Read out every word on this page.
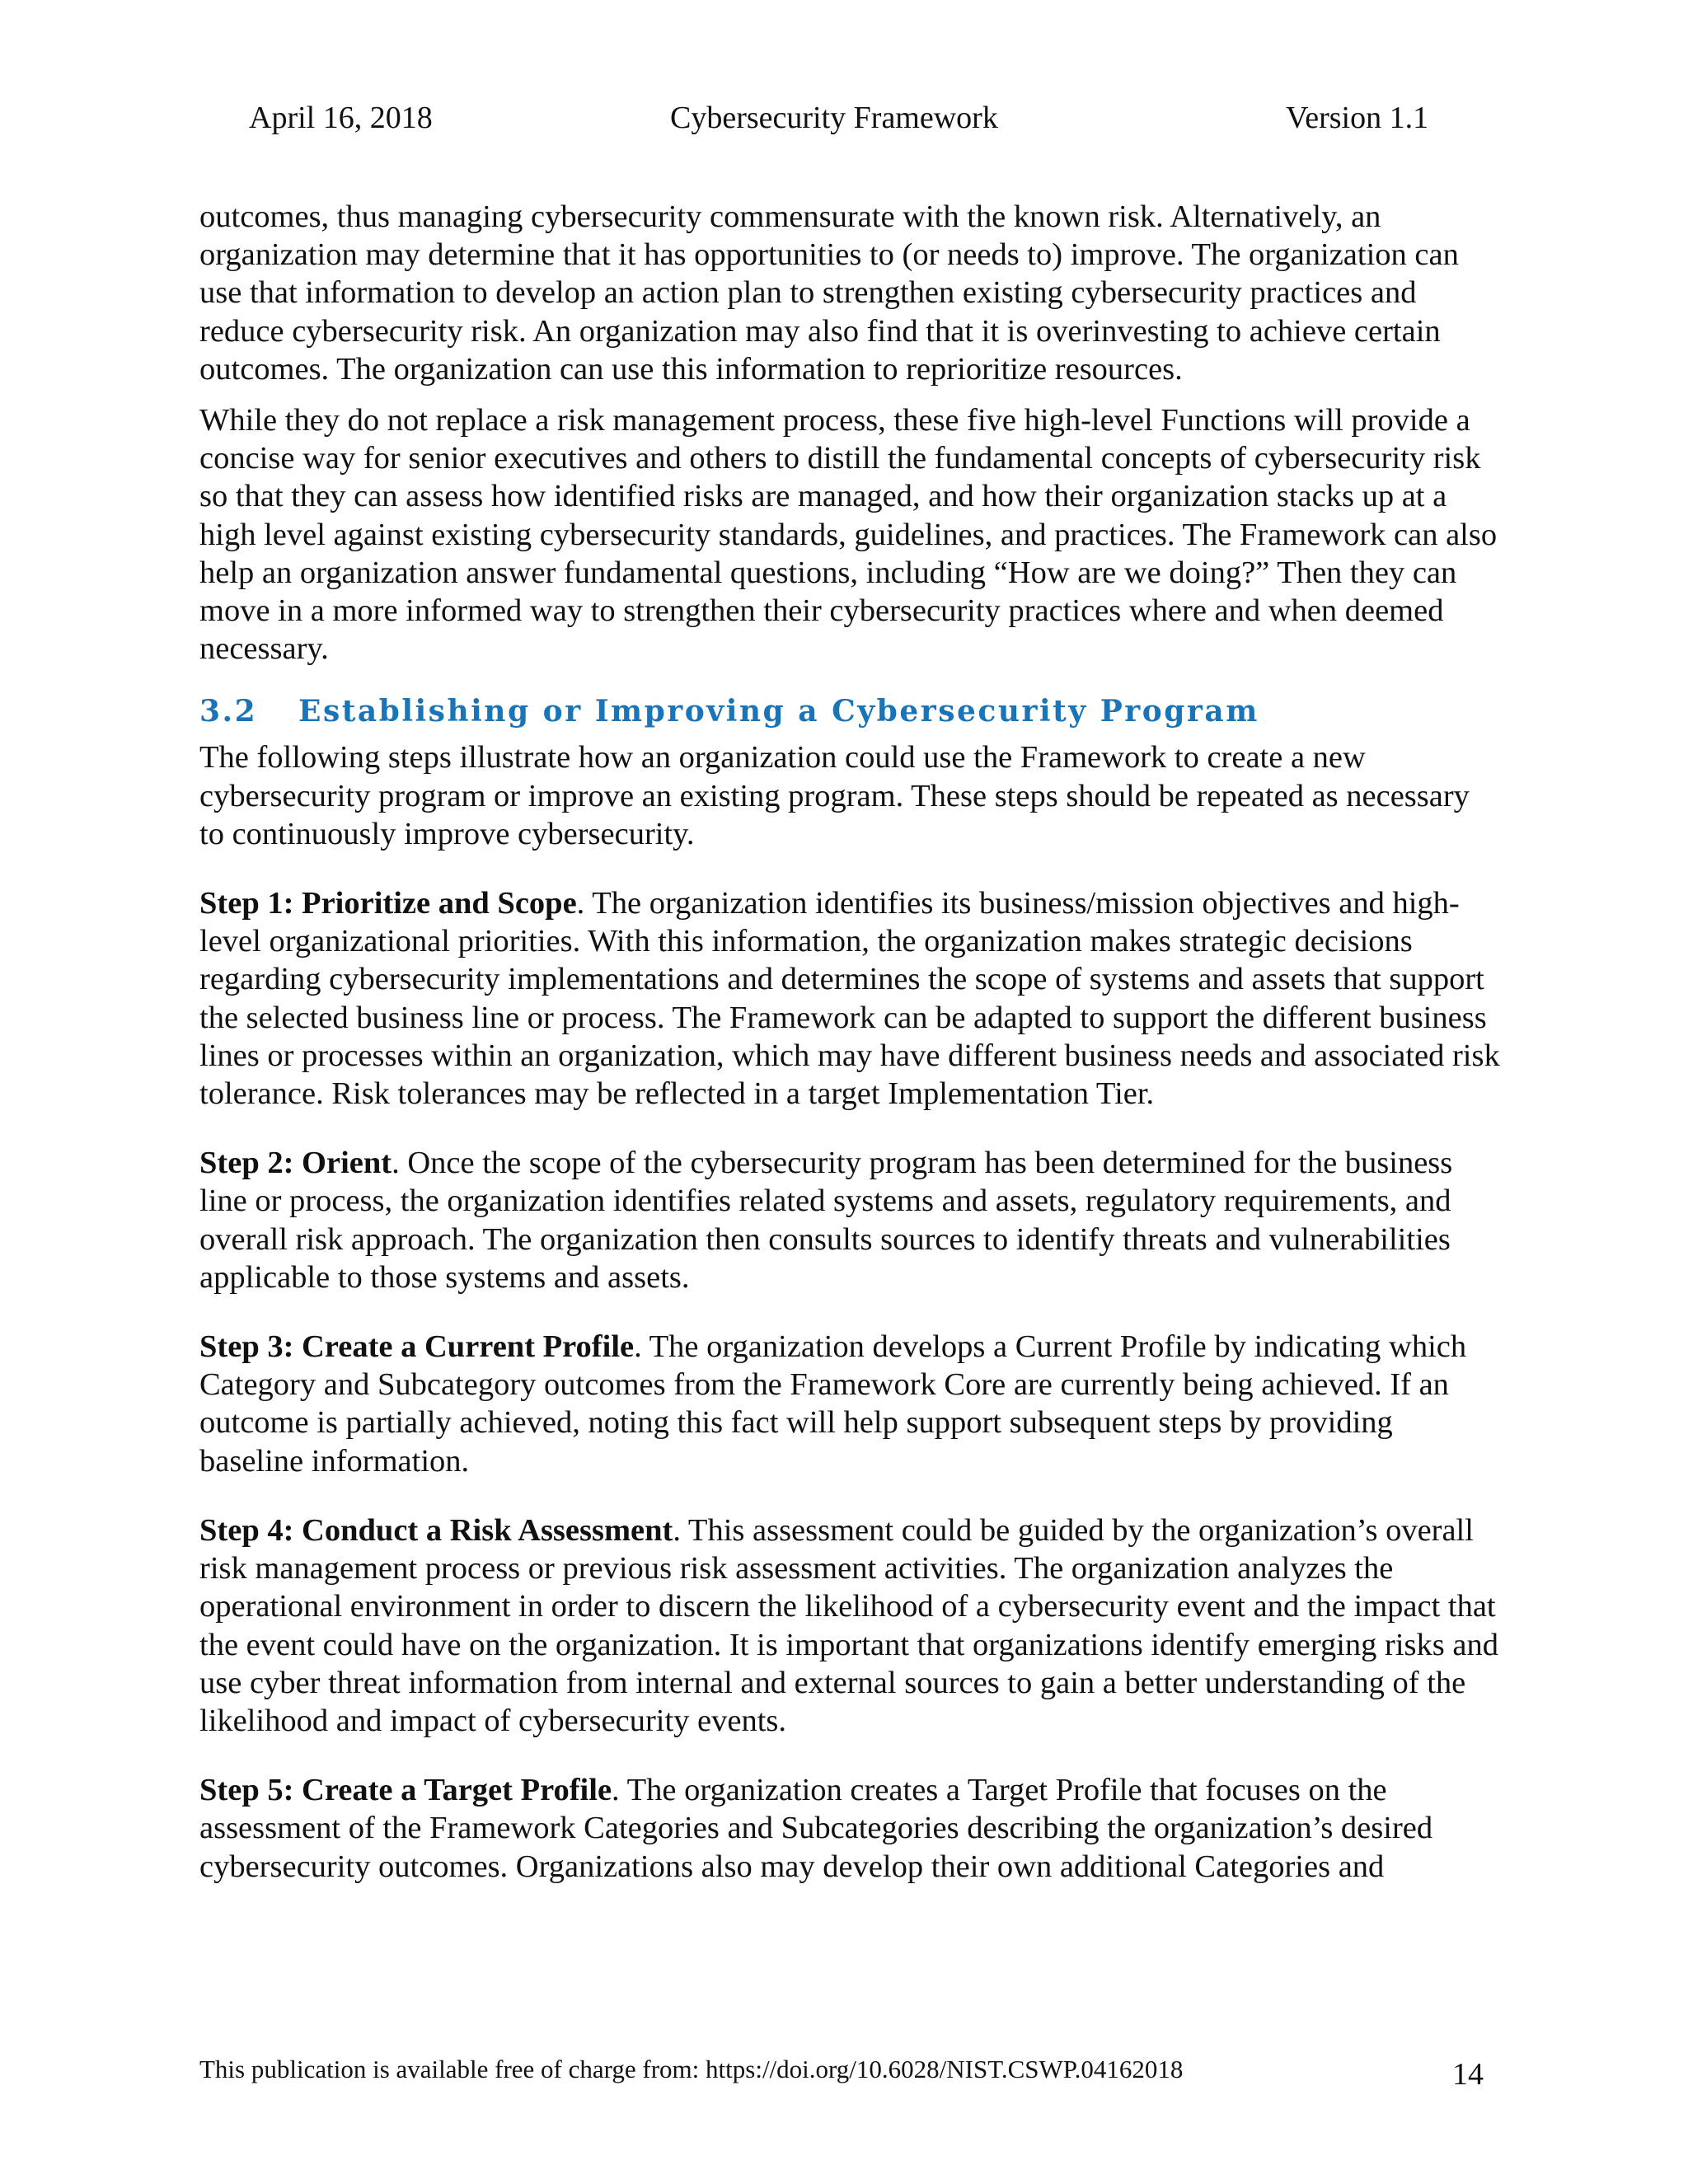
April 16, 2018	Cybersecurity Framework	Version 1.1

outcomes, thus managing cybersecurity commensurate with the known risk. Alternatively, an organization may determine that it has opportunities to (or needs to) improve. The organization can use that information to develop an action plan to strengthen existing cybersecurity practices and reduce cybersecurity risk. An organization may also find that it is overinvesting to achieve certain outcomes. The organization can use this information to reprioritize resources.

While they do not replace a risk management process, these five high-level Functions will provide a concise way for senior executives and others to distill the fundamental concepts of cybersecurity risk so that they can assess how identified risks are managed, and how their organization stacks up at a high level against existing cybersecurity standards, guidelines, and practices. The Framework can also help an organization answer fundamental questions, including “How are we doing?” Then they can move in a more informed way to strengthen their cybersecurity practices where and when deemed necessary.

3.2 Establishing or Improving a Cybersecurity Program

The following steps illustrate how an organization could use the Framework to create a new cybersecurity program or improve an existing program. These steps should be repeated as necessary to continuously improve cybersecurity.

Step 1: Prioritize and Scope. The organization identifies its business/mission objectives and high-level organizational priorities. With this information, the organization makes strategic decisions regarding cybersecurity implementations and determines the scope of systems and assets that support the selected business line or process. The Framework can be adapted to support the different business lines or processes within an organization, which may have different business needs and associated risk tolerance. Risk tolerances may be reflected in a target Implementation Tier.

Step 2: Orient. Once the scope of the cybersecurity program has been determined for the business line or process, the organization identifies related systems and assets, regulatory requirements, and overall risk approach. The organization then consults sources to identify threats and vulnerabilities applicable to those systems and assets.

Step 3: Create a Current Profile. The organization develops a Current Profile by indicating which Category and Subcategory outcomes from the Framework Core are currently being achieved. If an outcome is partially achieved, noting this fact will help support subsequent steps by providing baseline information.

Step 4: Conduct a Risk Assessment. This assessment could be guided by the organization’s overall risk management process or previous risk assessment activities. The organization analyzes the operational environment in order to discern the likelihood of a cybersecurity event and the impact that the event could have on the organization. It is important that organizations identify emerging risks and use cyber threat information from internal and external sources to gain a better understanding of the likelihood and impact of cybersecurity events.

Step 5: Create a Target Profile. The organization creates a Target Profile that focuses on the assessment of the Framework Categories and Subcategories describing the organization’s desired cybersecurity outcomes. Organizations also may develop their own additional Categories and

This publication is available free of charge from: https://doi.org/10.6028/NIST.CSWP.04162018	14
